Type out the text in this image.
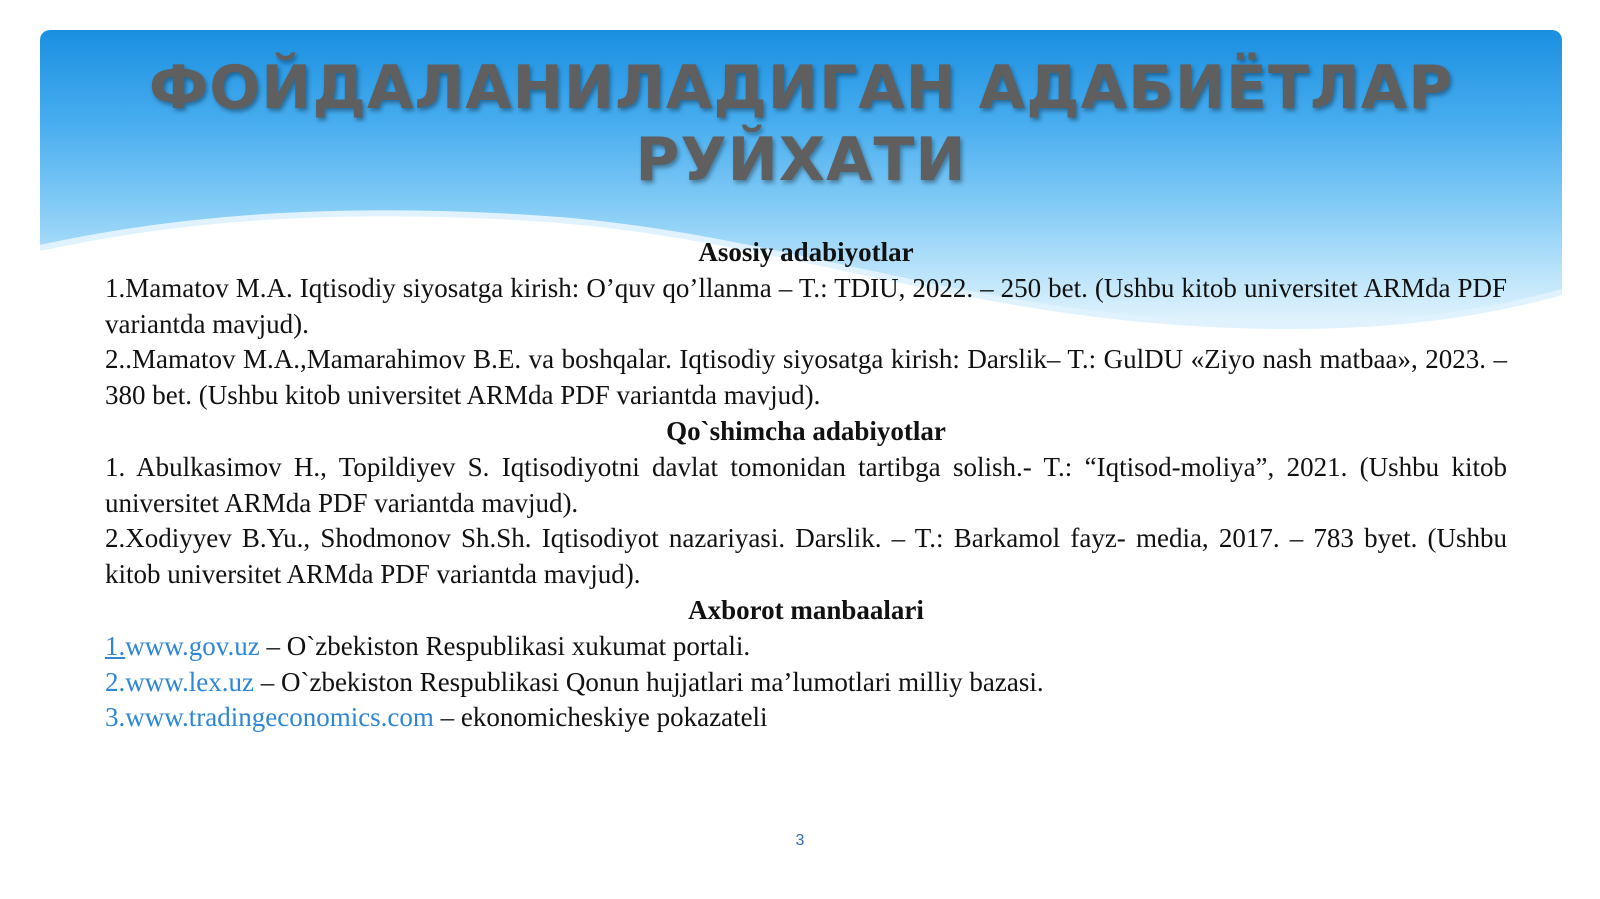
ФОЙДАЛАНИЛАДИГАН АДАБИЁТЛАР
РУЙХАТИ

Asosiy adabiyotlar

1.Mamatov M.A. Iqtisodiy siyosatga kirish: O’quv qo’llanma – T.: TDIU, 2022. – 250 bet. (Ushbu kitob universitet ARMda PDF variantda mavjud).

2..Mamatov M.A.,Mamarahimov B.E. va boshqalar. Iqtisodiy siyosatga kirish: Darslik– T.: GulDU «Ziyo nash matbaa», 2023. – 380 bet. (Ushbu kitob universitet ARMda PDF variantda mavjud).

Qo`shimcha adabiyotlar

1. Abulkasimov H., Topildiyev S. Iqtisodiyotni davlat tomonidan tartibga solish.- T.: “Iqtisod-moliya”, 2021. (Ushbu kitob universitet ARMda PDF variantda mavjud).

2.Xodiyyev B.Yu., Shodmonov Sh.Sh. Iqtisodiyot nazariyasi. Darslik. – T.: Barkamol fayz- media, 2017. – 783 byet. (Ushbu kitob universitet ARMda PDF variantda mavjud).

Axborot manbaalari

1.www.gov.uz – O`zbekiston Respublikasi xukumat portali.

2.www.lex.uz – O`zbekiston Respublikasi Qonun hujjatlari ma’lumotlari milliy bazasi.

3.www.tradingeconomics.com – ekonomicheskiye pokazateli

3
